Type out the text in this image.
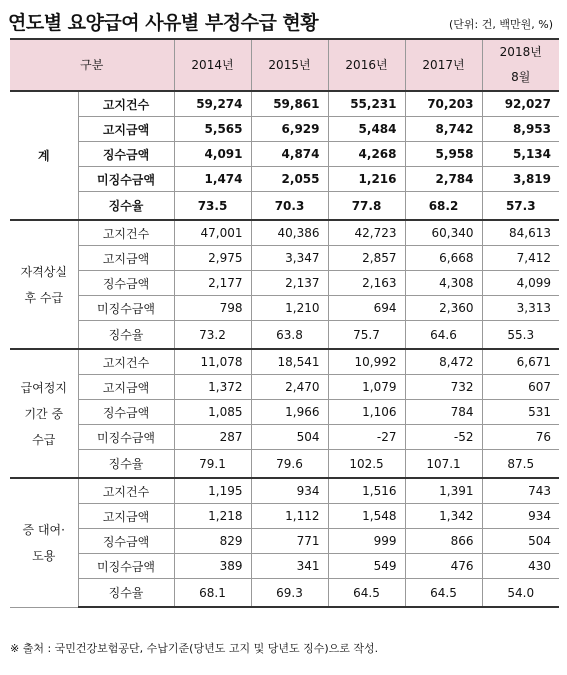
연도별 요양급여 사유별 부정수급 현황	(단위: 건, 백만원, %)
구분		2014년	2015년	2016년	2017년	2018년
8월
계	고지건수	59,274	59,861	55,231	70,203	92,027
	고지금액	5,565	6,929	5,484	8,742	8,953
	징수금액	4,091	4,874	4,268	5,958	5,134
	미징수금액	1,474	2,055	1,216	2,784	3,819
	징수율	73.5	70.3	77.8	68.2	57.3
자격상실
후 수급	고지건수	47,001	40,386	42,723	60,340	84,613
	고지금액	2,975	3,347	2,857	6,668	7,412
	징수금액	2,177	2,137	2,163	4,308	4,099
	미징수금액	798	1,210	694	2,360	3,313
	징수율	73.2	63.8	75.7	64.6	55.3
급여정지
기간 중
수급	고지건수	11,078	18,541	10,992	8,472	6,671
	고지금액	1,372	2,470	1,079	732	607
	징수금액	1,085	1,966	1,106	784	531
	미징수금액	287	504	-27	-52	76
	징수율	79.1	79.6	102.5	107.1	87.5
증 대여·
도용	고지건수	1,195	934	1,516	1,391	743
	고지금액	1,218	1,112	1,548	1,342	934
	징수금액	829	771	999	866	504
	미징수금액	389	341	549	476	430
	징수율	68.1	69.3	64.5	64.5	54.0
※ 출처 : 국민건강보험공단, 수납기준(당년도 고지 및 당년도 징수)으로 작성.
